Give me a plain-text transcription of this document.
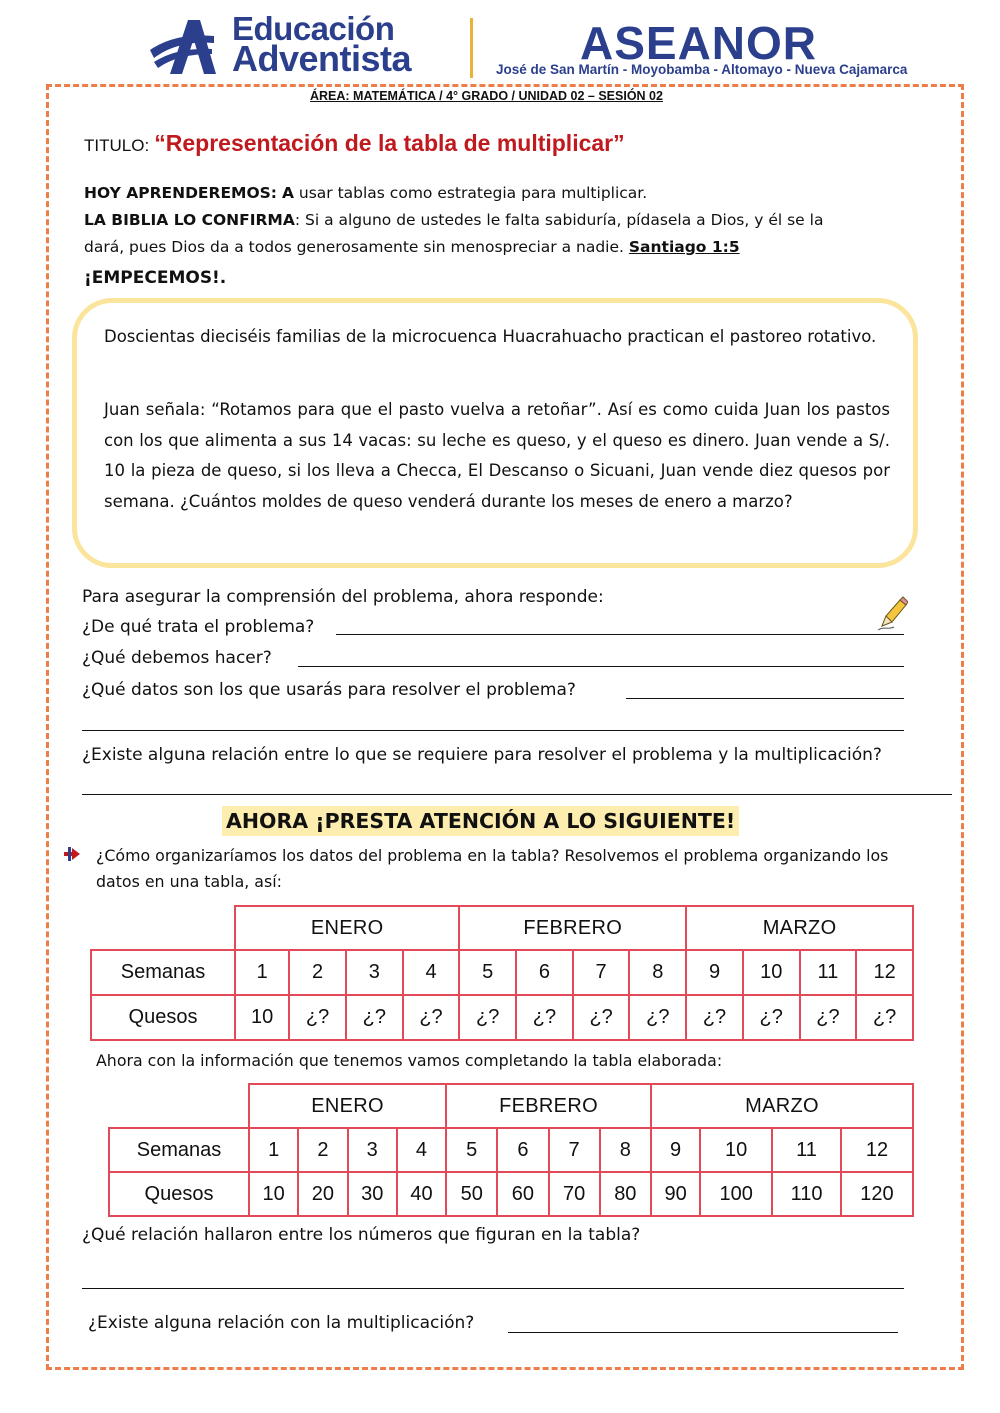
Educación
Adventista	ASEANOR
José de San Martín - Moyobamba - Altomayo - Nueva Cajamarca
ÁREA: MATEMÁTICA / 4° GRADO / UNIDAD 02 – SESIÓN 02
TITULO: “Representación de la tabla de multiplicar”
HOY APRENDEREMOS: A usar tablas como estrategia para multiplicar.
LA BIBLIA LO CONFIRMA: Si a alguno de ustedes le falta sabiduría, pídasela a Dios, y él se la
dará, pues Dios da a todos generosamente sin menospreciar a nadie. Santiago 1:5
¡EMPECEMOS!.
Doscientas dieciséis familias de la microcuenca Huacrahuacho practican el pastoreo rotativo.
Juan señala: “Rotamos para que el pasto vuelva a retoñar”. Así es como cuida Juan los pastos con los que alimenta a sus 14 vacas: su leche es queso, y el queso es dinero. Juan vende a S/. 10 la pieza de queso, si los lleva a Checca, El Descanso o Sicuani, Juan vende diez quesos por semana. ¿Cuántos moldes de queso venderá durante los meses de enero a marzo?
Para asegurar la comprensión del problema, ahora responde:
¿De qué trata el problema?
¿Qué debemos hacer?
¿Qué datos son los que usarás para resolver el problema?
¿Existe alguna relación entre lo que se requiere para resolver el problema y la multiplicación?
AHORA ¡PRESTA ATENCIÓN A LO SIGUIENTE!
¿Cómo organizaríamos los datos del problema en la tabla? Resolvemos el problema organizando los datos en una tabla, así:
	ENERO				FEBRERO				MARZO			
Semanas	1	2	3	4	5	6	7	8	9	10	11	12
Quesos	10	¿?	¿?	¿?	¿?	¿?	¿?	¿?	¿?	¿?	¿?	¿?
Ahora con la información que tenemos vamos completando la tabla elaborada:
	ENERO				FEBRERO				MARZO			
Semanas	1	2	3	4	5	6	7	8	9	10	11	12
Quesos	10	20	30	40	50	60	70	80	90	100	110	120
¿Qué relación hallaron entre los números que figuran en la tabla?
¿Existe alguna relación con la multiplicación?
